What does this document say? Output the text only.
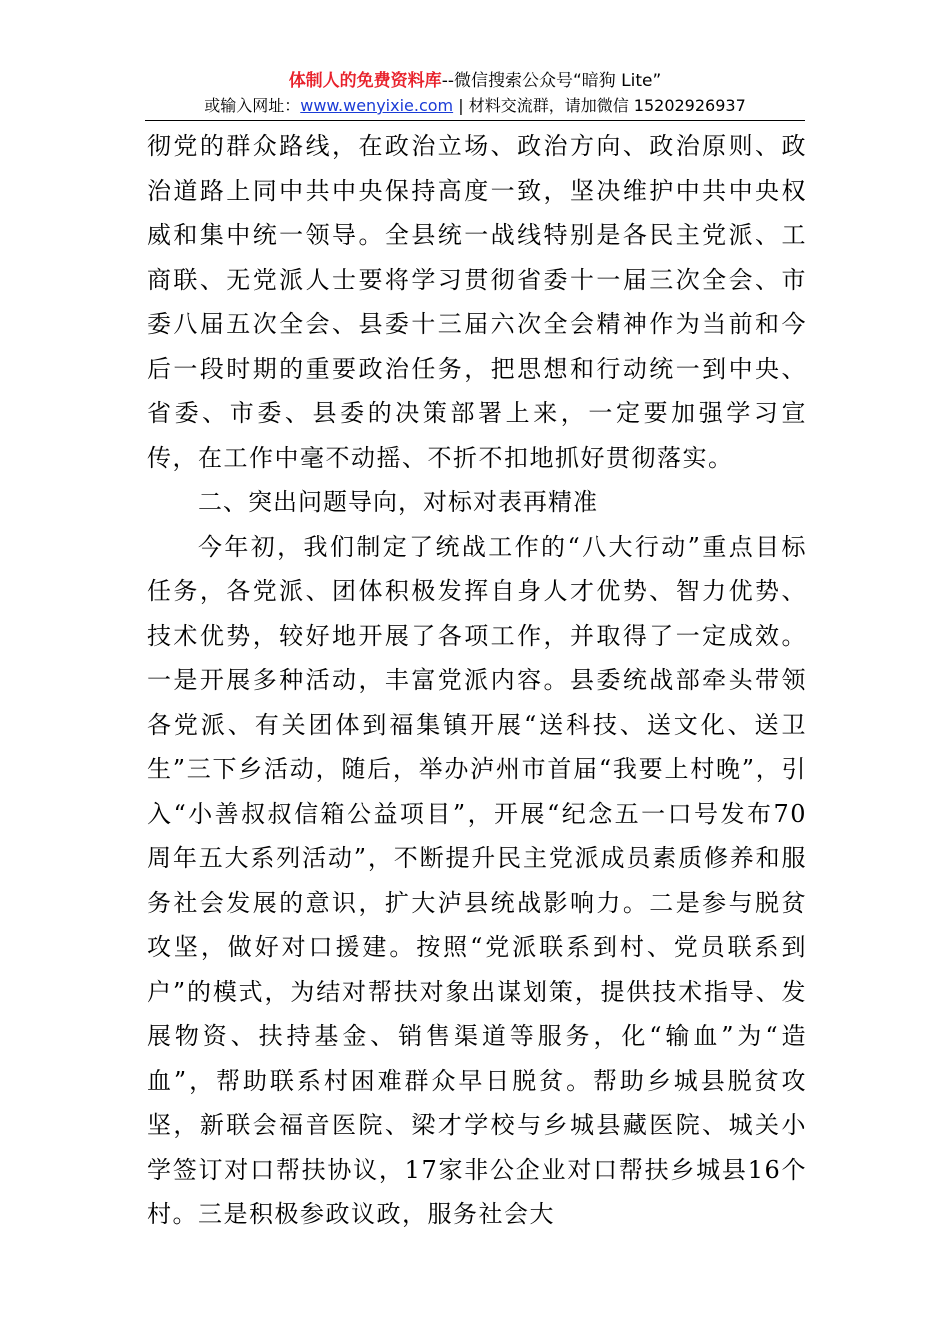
体制人的免费资料库--微信搜索公众号“暗狗 Lite”
或输入网址：www.wenyixie.com | 材料交流群，请加微信 15202926937

彻党的群众路线，在政治立场、政治方向、政治原则、政治道路上同中共中央保持高度一致，坚决维护中共中央权威和集中统一领导。全县统一战线特别是各民主党派、工商联、无党派人士要将学习贯彻省委十一届三次全会、市委八届五次全会、县委十三届六次全会精神作为当前和今后一段时期的重要政治任务，把思想和行动统一到中央、省委、市委、县委的决策部署上来，一定要加强学习宣传，在工作中毫不动摇、不折不扣地抓好贯彻落实。

二、突出问题导向，对标对表再精准

今年初，我们制定了统战工作的“八大行动”重点目标任务，各党派、团体积极发挥自身人才优势、智力优势、技术优势，较好地开展了各项工作，并取得了一定成效。一是开展多种活动，丰富党派内容。县委统战部牵头带领各党派、有关团体到福集镇开展“送科技、送文化、送卫生”三下乡活动，随后，举办泸州市首届“我要上村晚”，引入“小善叔叔信箱公益项目”，开展“纪念五一口号发布70周年五大系列活动”，不断提升民主党派成员素质修养和服务社会发展的意识，扩大泸县统战影响力。二是参与脱贫攻坚，做好对口援建。按照“党派联系到村、党员联系到户”的模式，为结对帮扶对象出谋划策，提供技术指导、发展物资、扶持基金、销售渠道等服务，化“输血”为“造血”，帮助联系村困难群众早日脱贫。帮助乡城县脱贫攻坚，新联会福音医院、梁才学校与乡城县藏医院、城关小学签订对口帮扶协议，17家非公企业对口帮扶乡城县16个村。三是积极参政议政，服务社会大
